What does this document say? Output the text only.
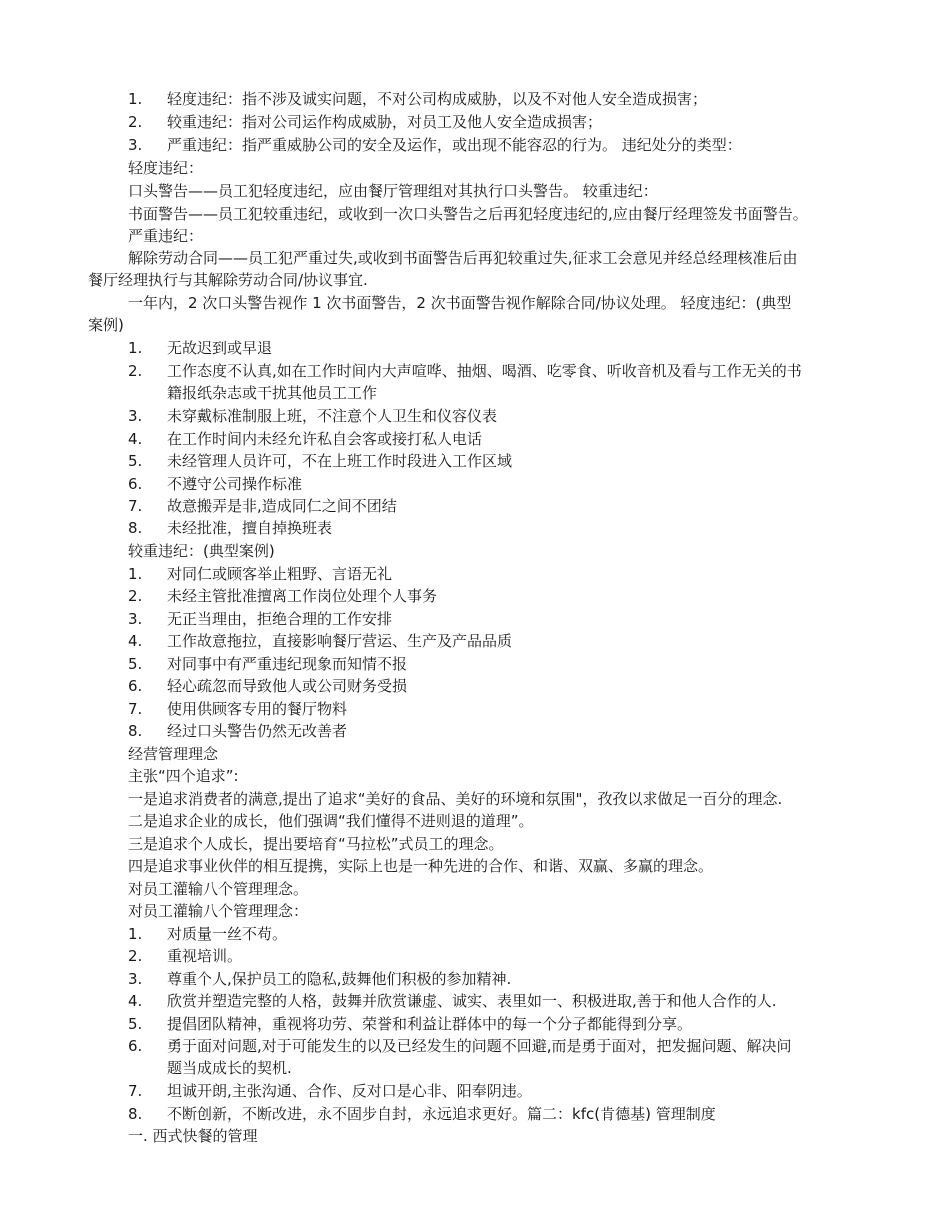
1.	轻度违纪：指不涉及诚实问题，不对公司构成威胁，以及不对他人安全造成损害；
2.	较重违纪：指对公司运作构成威胁，对员工及他人安全造成损害；
3.	严重违纪：指严重威胁公司的安全及运作，或出现不能容忍的行为。 违纪处分的类型：
轻度违纪：
口头警告——员工犯轻度违纪，应由餐厅管理组对其执行口头警告。 较重违纪：
书面警告——员工犯较重违纪，或收到一次口头警告之后再犯轻度违纪的,应由餐厅经理签发书面警告。
严重违纪：
解除劳动合同——员工犯严重过失,或收到书面警告后再犯较重过失,征求工会意见并经总经理核准后由
餐厅经理执行与其解除劳动合同/协议事宜.
一年内，2 次口头警告视作 1 次书面警告，2 次书面警告视作解除合同/协议处理。 轻度违纪：(典型
案例)
1.	无故迟到或早退
2.	工作态度不认真,如在工作时间内大声喧哗、抽烟、喝酒、吃零食、听收音机及看与工作无关的书
籍报纸杂志或干扰其他员工工作
3.	未穿戴标准制服上班，不注意个人卫生和仪容仪表
4.	在工作时间内未经允许私自会客或接打私人电话
5.	未经管理人员许可，不在上班工作时段进入工作区域
6.	不遵守公司操作标准
7.	故意搬弄是非,造成同仁之间不团结
8.	未经批准，擅自掉换班表
较重违纪：(典型案例)
1.	对同仁或顾客举止粗野、言语无礼
2.	未经主管批准擅离工作岗位处理个人事务
3.	无正当理由，拒绝合理的工作安排
4.	工作故意拖拉，直接影响餐厅营运、生产及产品品质
5.	对同事中有严重违纪现象而知情不报
6.	轻心疏忽而导致他人或公司财务受损
7.	使用供顾客专用的餐厅物料
8.	经过口头警告仍然无改善者
经营管理理念
主张“四个追求”:
一是追求消费者的满意,提出了追求“美好的食品、美好的环境和氛围"，孜孜以求做足一百分的理念.
二是追求企业的成长，他们强调“我们懂得不进则退的道理”。
三是追求个人成长，提出要培育“马拉松”式员工的理念。
四是追求事业伙伴的相互提携，实际上也是一种先进的合作、和谐、双赢、多赢的理念。
对员工灌输八个管理理念。
对员工灌输八个管理理念：
1.	对质量一丝不苟。
2.	重视培训。
3.	尊重个人,保护员工的隐私,鼓舞他们积极的参加精神.
4.	欣赏并塑造完整的人格，鼓舞并欣赏谦虚、诚实、表里如一、积极进取,善于和他人合作的人.
5.	提倡团队精神，重视将功劳、荣誉和利益让群体中的每一个分子都能得到分享。
6.	勇于面对问题,对于可能发生的以及已经发生的问题不回避,而是勇于面对，把发掘问题、解决问
题当成成长的契机.
7.	坦诚开朗,主张沟通、合作、反对口是心非、阳奉阴违。
8.	不断创新，不断改进，永不固步自封，永远追求更好。篇二：kfc(肯德基) 管理制度
一. 西式快餐的管理
